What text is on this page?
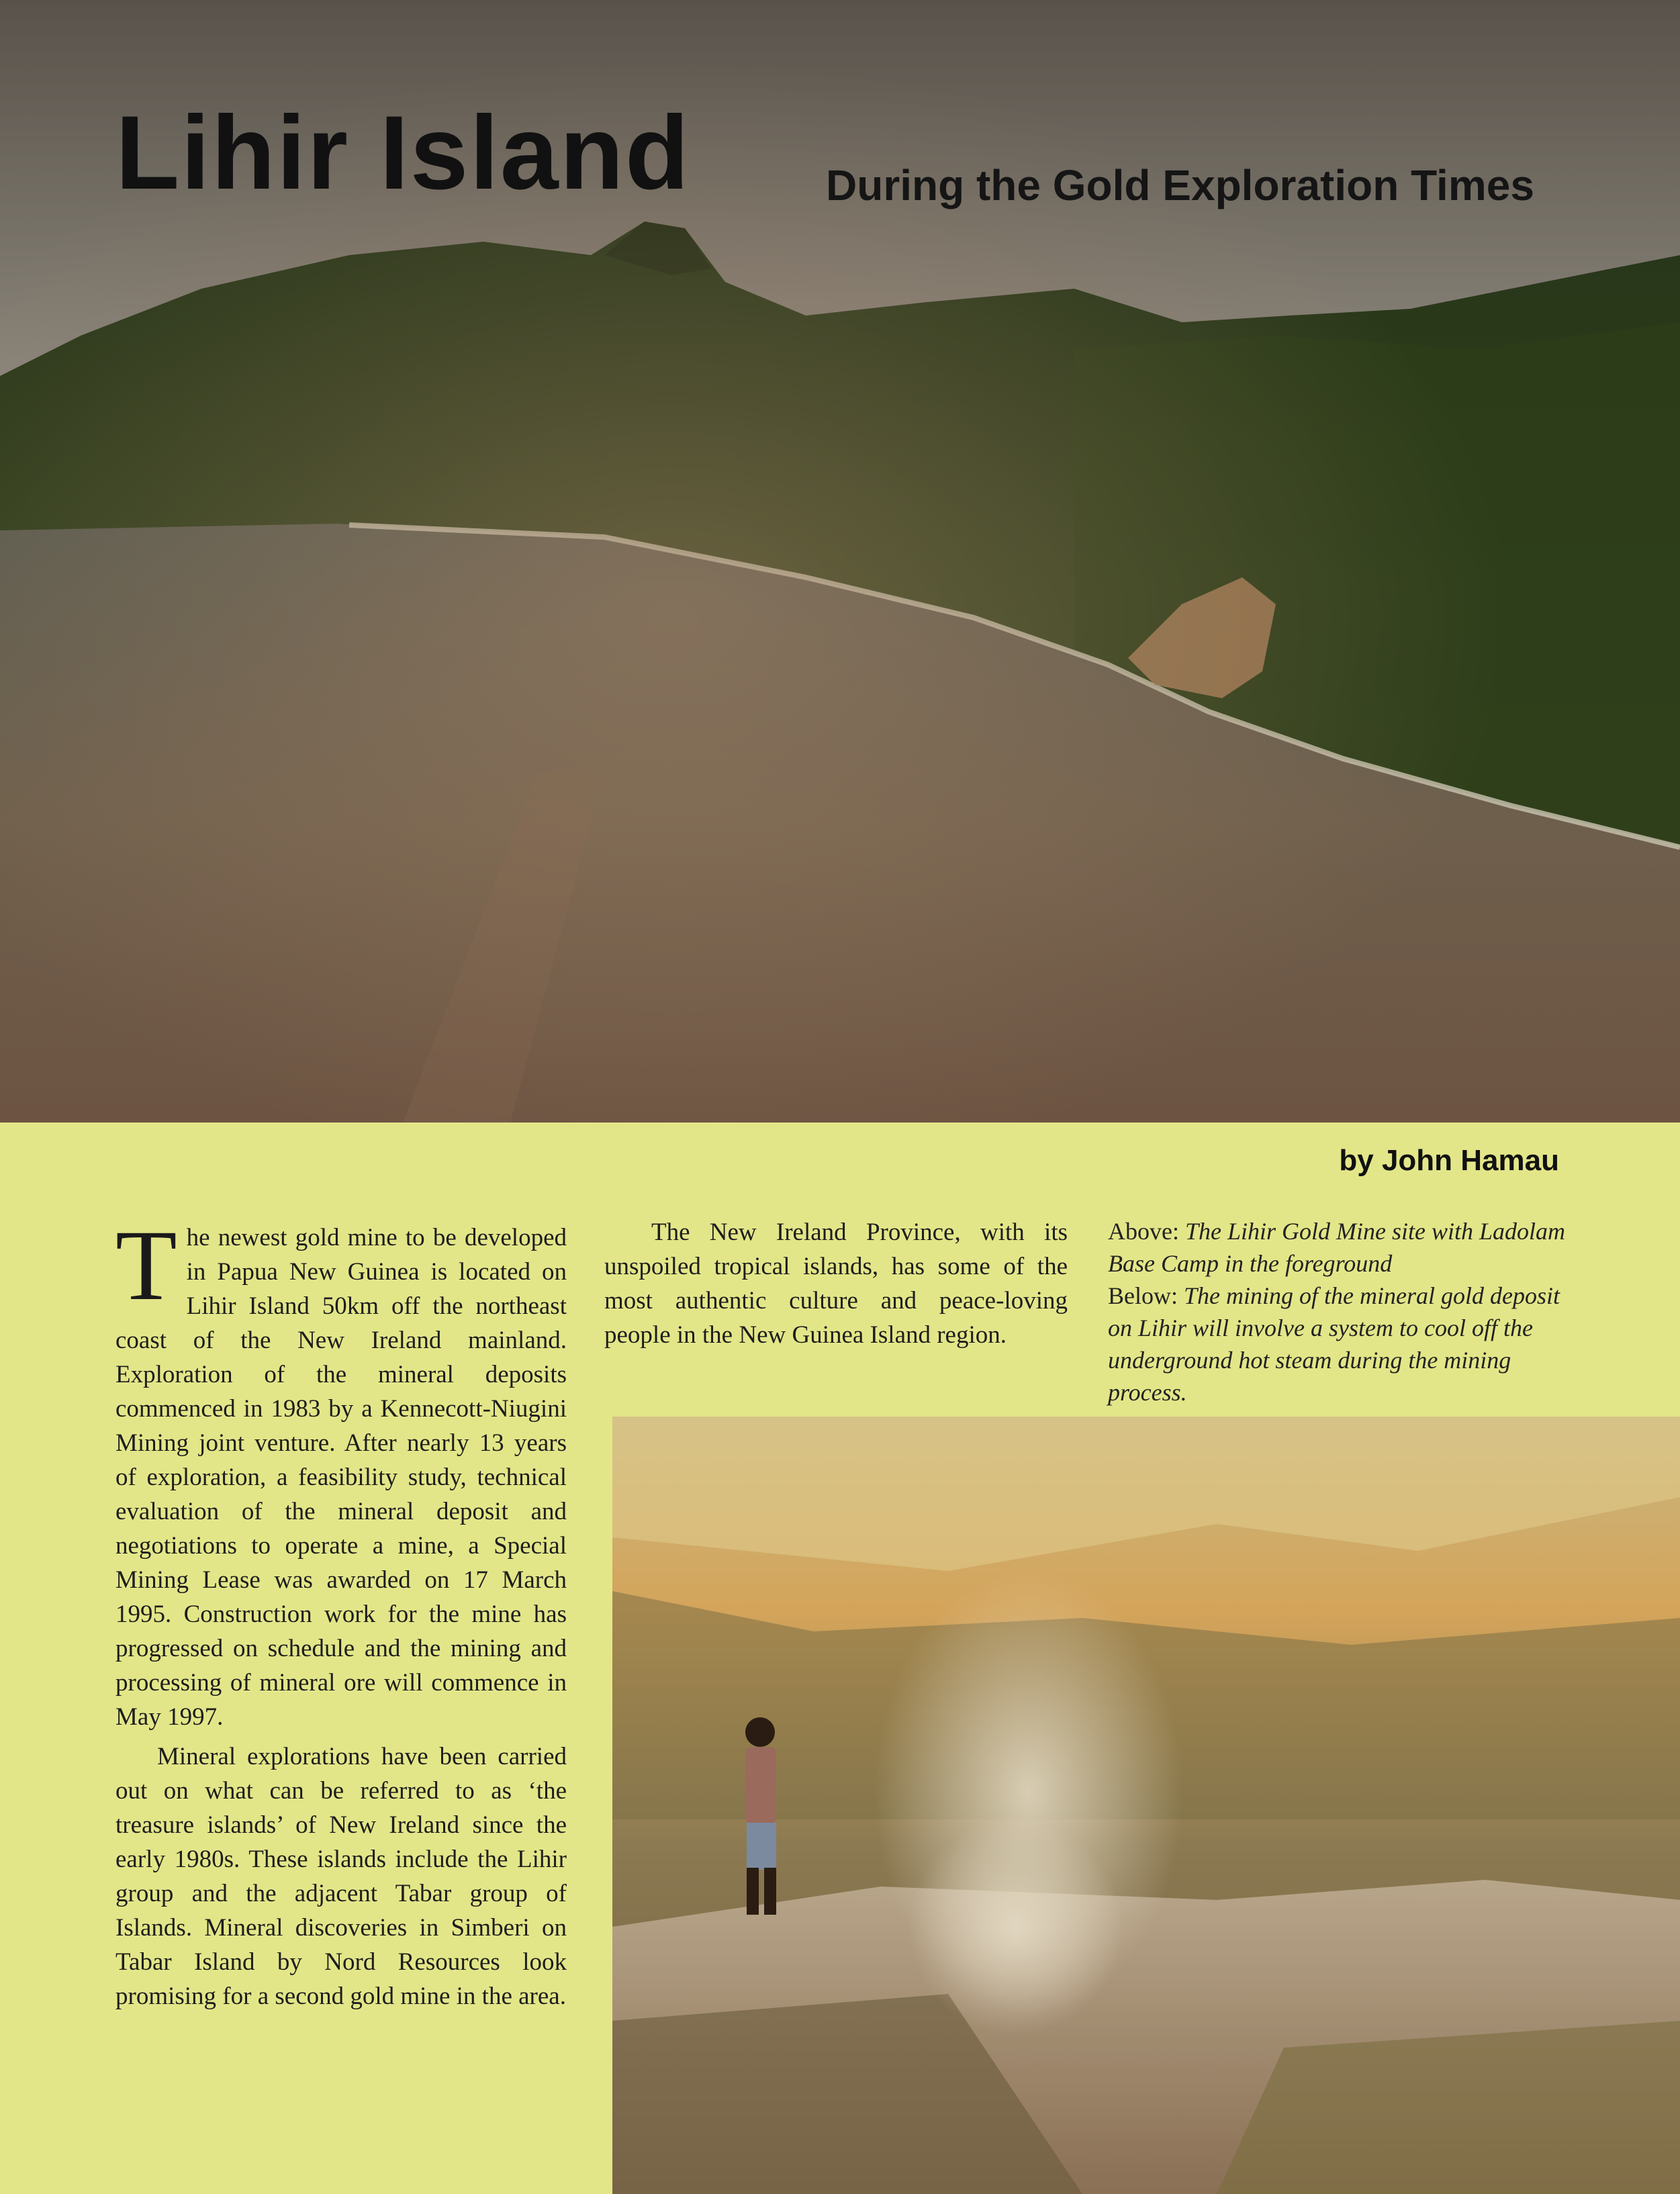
Lihir Island	During the Gold Exploration Times
by John Hamau

The newest gold mine to be developed in Papua New Guinea is located on Lihir Island 50km off the northeast coast of the New Ireland mainland. Exploration of the mineral deposits commenced in 1983 by a Kennecott-Niugini Mining joint venture. After nearly 13 years of exploration, a feasibility study, technical evaluation of the mineral deposit and negotiations to operate a mine, a Special Mining Lease was awarded on 17 March 1995. Construction work for the mine has progressed on schedule and the mining and processing of mineral ore will commence in May 1997.

Mineral explorations have been carried out on what can be referred to as ‘the treasure islands’ of New Ireland since the early 1980s. These islands include the Lihir group and the adjacent Tabar group of Islands. Mineral discoveries in Simberi on Tabar Island by Nord Resources look promising for a second gold mine in the area.

The New Ireland Province, with its unspoiled tropical islands, has some of the most authentic culture and peace-loving people in the New Guinea Island region.

Above: The Lihir Gold Mine site with Ladolam Base Camp in the foreground
Below: The mining of the mineral gold deposit on Lihir will involve a system to cool off the underground hot steam during the mining process.
